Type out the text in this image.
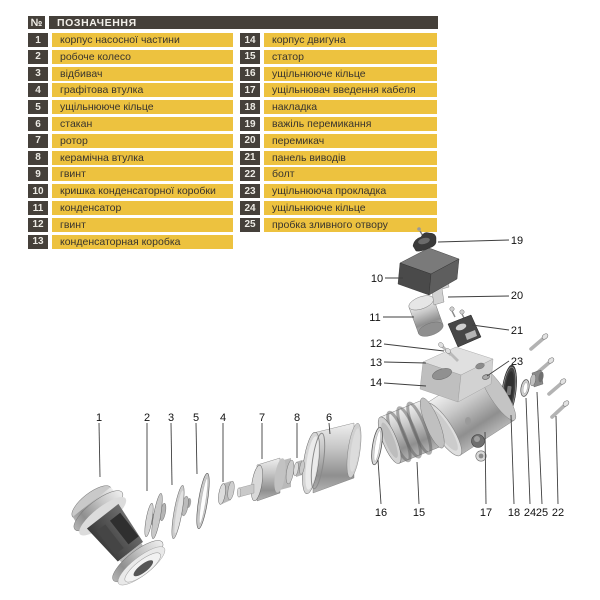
№	ПОЗНАЧЕННЯ
1	корпус насосної частини
2	робоче колесо
3	відбивач
4	графітова втулка
5	ущільнююче кільце
6	стакан
7	ротор
8	керамічна втулка
9	гвинт
10	кришка конденсаторної коробки
11	конденсатор
12	гвинт
13	конденсаторная коробка
14	корпус двигуна
15	статор
16	ущільнююче кільце
17	ущільнювач введення кабеля
18	накладка
19	важіль перемикання
20	перемикач
21	панель виводів
22	болт
23	ущільнююча прокладка
24	ущільнююче кільце
25	пробка зливного отвору
1	2 3 5 4	7	8 6
10
11
12
13
14
19
20
21
23
16 15	17 18 24 25 22
